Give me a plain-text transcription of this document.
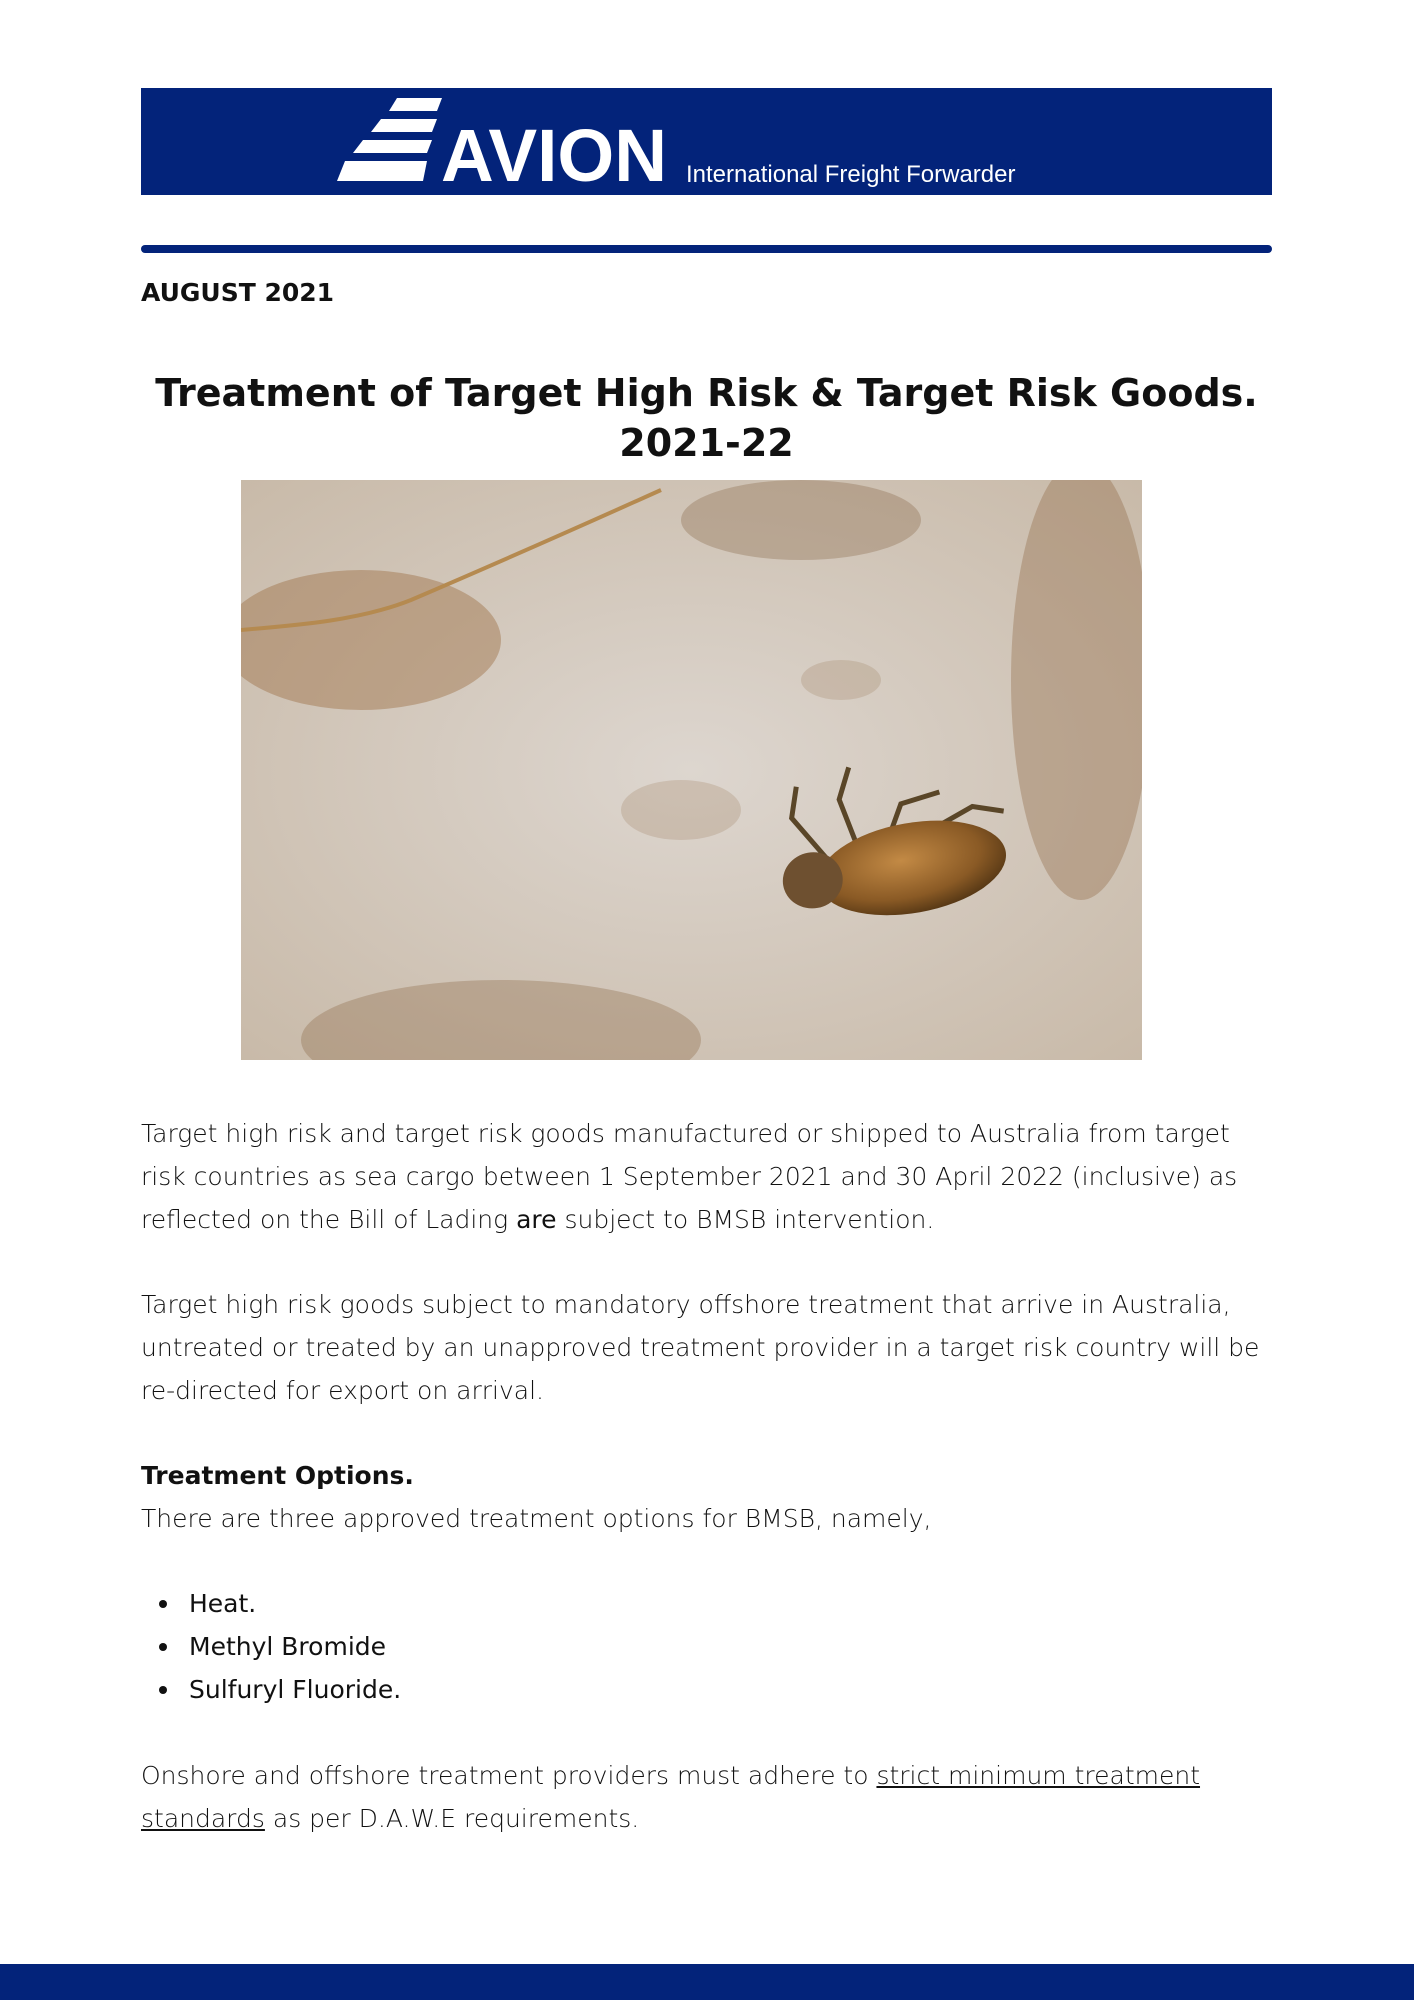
AVION International Freight Forwarder
AUGUST 2021
Treatment of Target High Risk & Target Risk Goods.
2021-22

Target high risk and target risk goods manufactured or shipped to Australia from target risk countries as sea cargo between 1 September 2021 and 30 April 2022 (inclusive) as reflected on the Bill of Lading are subject to BMSB intervention.

Target high risk goods subject to mandatory offshore treatment that arrive in Australia, untreated or treated by an unapproved treatment provider in a target risk country will be re-directed for export on arrival.

Treatment Options.

There are three approved treatment options for BMSB, namely,

Heat.
Methyl Bromide
Sulfuryl Fluoride.

Onshore and offshore treatment providers must adhere to strict minimum treatment standards as per D.A.W.E requirements.
